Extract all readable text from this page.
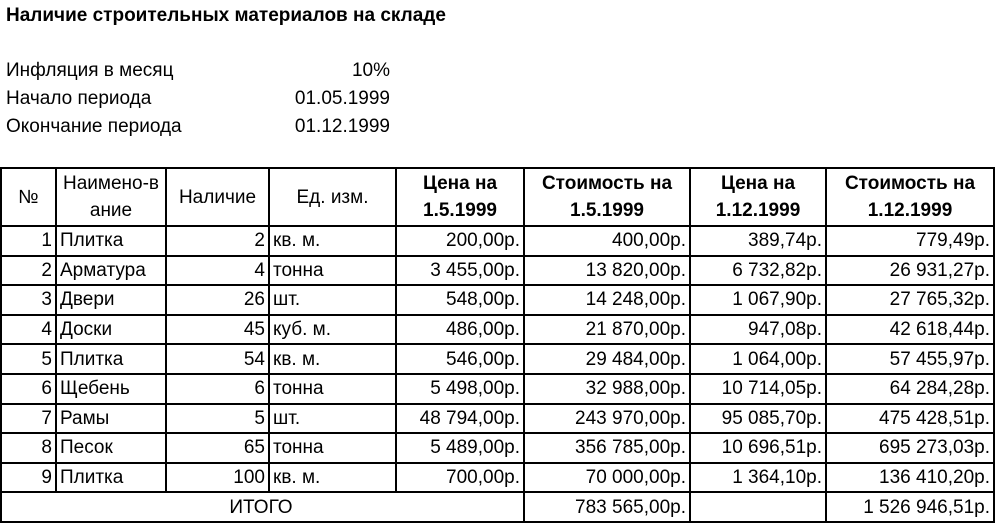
Наличие строительных материалов на складе
Инфляция в месяц	10%
Начало периода	01.05.1999
Окончание периода	01.12.1999
№	Наимено-вание	Наличие	Ед. изм.	Цена на 1.5.1999	Стоимость на 1.5.1999	Цена на 1.12.1999	Стоимость на 1.12.1999
1	Плитка	2	кв. м.	200,00р.	400,00р.	389,74р.	779,49р.
2	Арматура	4	тонна	3 455,00р.	13 820,00р.	6 732,82р.	26 931,27р.
3	Двери	26	шт.	548,00р.	14 248,00р.	1 067,90р.	27 765,32р.
4	Доски	45	куб. м.	486,00р.	21 870,00р.	947,08р.	42 618,44р.
5	Плитка	54	кв. м.	546,00р.	29 484,00р.	1 064,00р.	57 455,97р.
6	Щебень	6	тонна	5 498,00р.	32 988,00р.	10 714,05р.	64 284,28р.
7	Рамы	5	шт.	48 794,00р.	243 970,00р.	95 085,70р.	475 428,51р.
8	Песок	65	тонна	5 489,00р.	356 785,00р.	10 696,51р.	695 273,03р.
9	Плитка	100	кв. м.	700,00р.	70 000,00р.	1 364,10р.	136 410,20р.
ИТОГО					783 565,00р.		1 526 946,51р.
